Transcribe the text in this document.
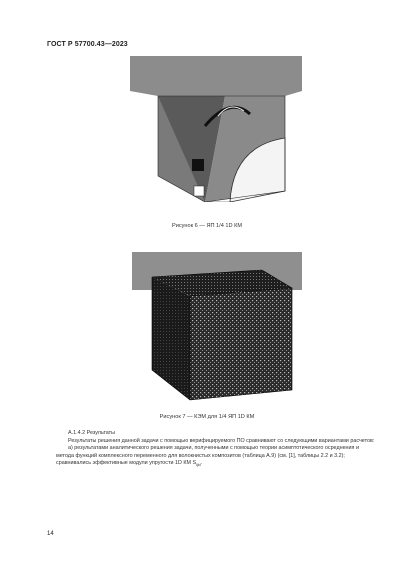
ГОСТ Р 57700.43—2023
Рисунок 6 — ЯП 1/4 1D КМ
Рисунок 7 — КЭМ для 1/4 ЯП 1D КМ

А.1.4.2 Результаты

Результаты решения данной задачи с помощью верифицируемого ПО сравнивают со следующими вариантами расчетов:

а) результатами аналитического решения задачи, полученными с помощью теории асимптотического осреднения и метода функций комплексного переменного для волокнистых композитов (таблица А.9) (см. [1], таблицы 2.2 и 3.2); сравнивались эффективные модули упругости 1D КМ $S_{ijkl}$.

14
